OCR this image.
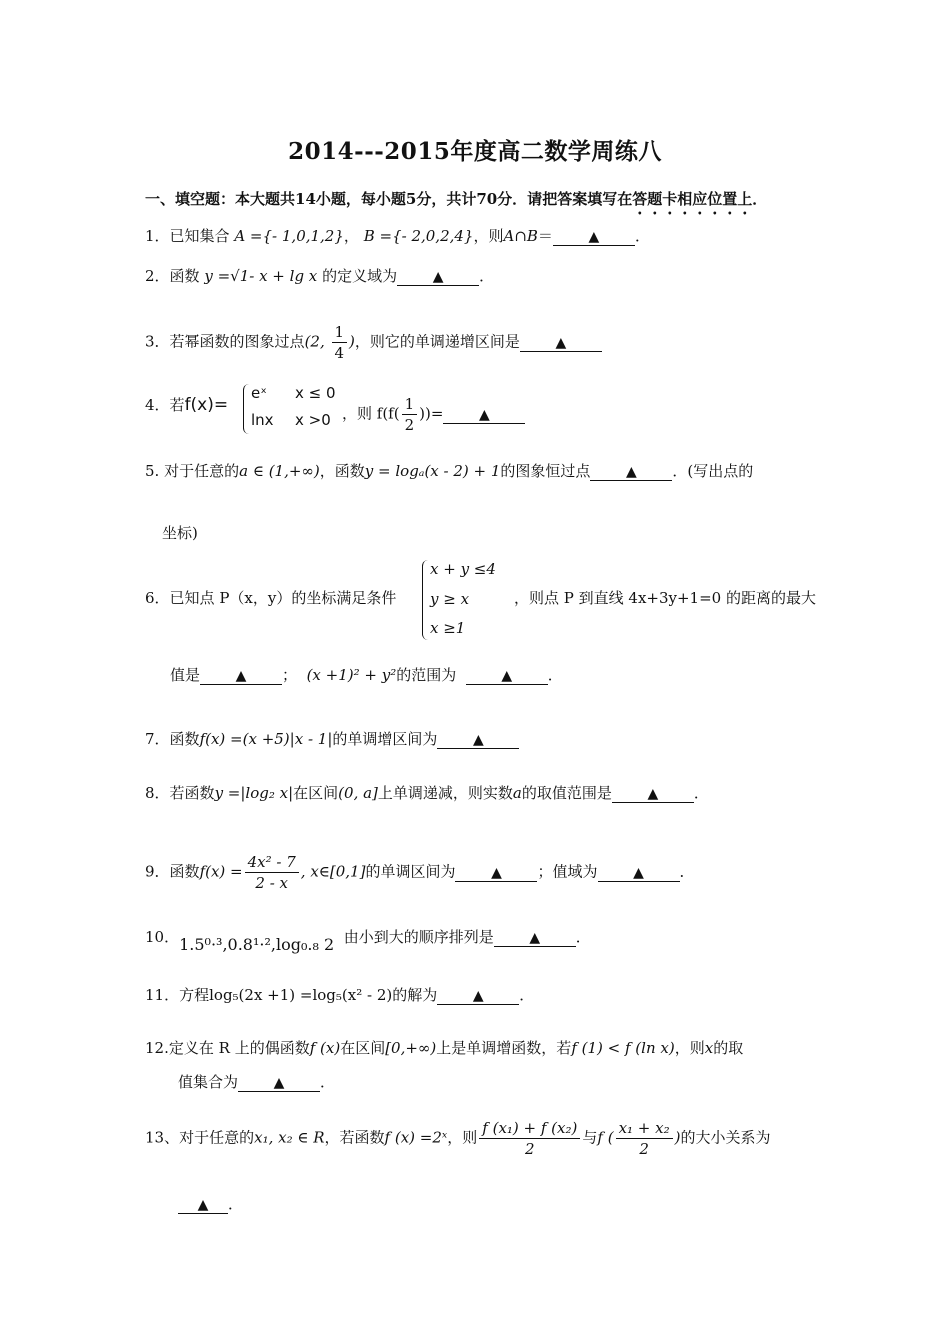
2014---2015年度高二数学周练八
一、填空题：本大题共14小题，每小题5分，共计70分．请把答案填写在答题卡相应位置上．
1．已知集合 A ={- 1,0,1,2}， B ={- 2,0,2,4}，则A∩B＝	▲ ．
2．函数 y =√1- x + lg x 的定义域为	▲ ．
3．若幂函数的图象过点(2, $\frac{1}{4}$ )，则它的单调递增区间是	▲
4．若f(x)=
eˣ x ≤ 0
lnx x >0 ，则 $f(f( \frac{1}{2}$ ))=	▲
5. 对于任意的a ∈ (1,+∞)，函数y = logₐ(x - 2) + 1的图象恒过点	▲ ．(写出点的
坐标)
6．已知点 P（x，y）的坐标满足条件
x + y ≤4
y ≥ x
x ≥1
，则点 P 到直线 4x+3y+1=0 的距离的最大
值是	▲ ； (x +1)² + y²的范围为	▲ ．
7．函数f(x) =(x +5)|x - 1|的单调增区间为	▲
8．若函数y =|log₂ x|在区间(0, a]上单调递减，则实数a的取值范围是	▲ ．
9．函数$f(x) = \frac{\text{4x² - 7}}{2 - x}$ , x∈[0,1]的单调区间为	▲ ；值域为	▲ ．
10．1.5⁰·³,0.8¹·²,log₀.₈ 2 由小到大的顺序排列是	▲ ．
11．方程log₅(2x +1) =log₅(x² - 2)的解为	▲ ．
12.定义在 R 上的偶函数f (x)在区间[0,+∞)上是单调增函数，若f (1) < f (ln x)，则x的取
值集合为	▲ ．
13、对于任意的x₁, x₂ ∈ R，若函数f (x) =2ˣ，则 $\frac{\text{f (x₁) + f (x₂)}}{2}$ 与f ( $\frac{\text{x₁ + x₂}}{2}$ )的大小关系为
▲ ．
